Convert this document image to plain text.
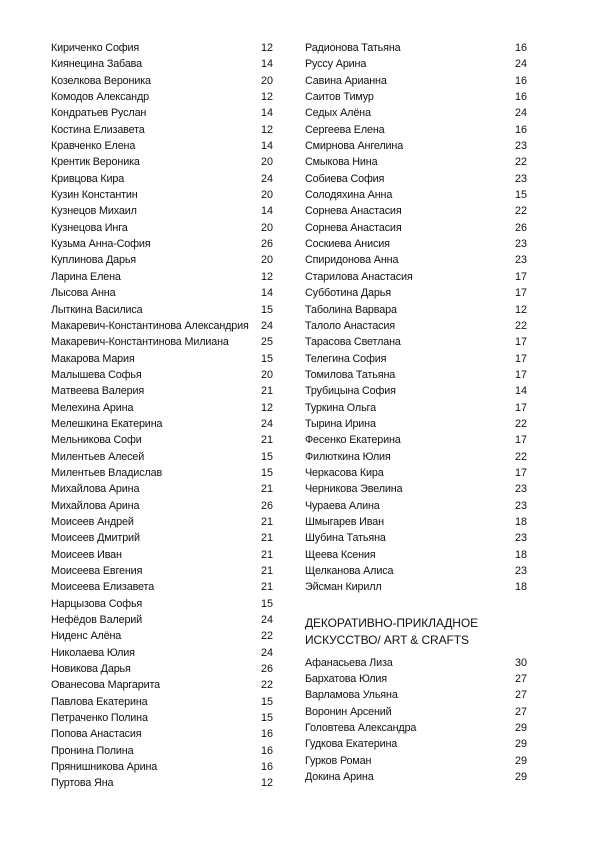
Кириченко София	12
Киянецина Забава	14
Козелкова Вероника	20
Комодов Александр	12
Кондратьев Руслан	14
Костина Елизавета	12
Кравченко Елена	14
Крентик Вероника	20
Кривцова Кира	24
Кузин Константин	20
Кузнецов Михаил	14
Кузнецова Инга	20
Кузьма Анна-София	26
Куплинова Дарья	20
Ларина Елена	12
Лысова Анна	14
Лыткина Василиса	15
Макаревич-Константинова Александрия 24
Макаревич-Константинова Милиана	25
Макарова Мария	15
Малышева Софья	20
Матвеева Валерия	21
Мелехина Арина	12
Мелешкина Екатерина	24
Мельникова Софи	21
Милентьев Алесей	15
Милентьев Владислав	15
Михайлова Арина	21
Михайлова Арина	26
Моисеев Андрей	21
Моисеев Дмитрий	21
Моисеев Иван	21
Моисеева Евгения	21
Моисеева Елизавета	21
Нарцызова Софья	15
Нефёдов Валерий	24
Ниденс Алёна	22
Николаева Юлия	24
Новикова Дарья	26
Ованесова Маргарита	22
Павлова Екатерина	15
Петраченко Полина	15
Попова Анастасия	16
Пронина Полина	16
Прянишникова Арина	16
Пуртова Яна	12
Радионова Татьяна	16
Руссу Арина	24
Савина Арианна	16
Саитов Тимур	16
Седых Алёна	24
Сергеева Елена	16
Смирнова Ангелина	23
Смыкова Нина	22
Собиева София	23
Солодяхина Анна	15
Сорнева Анастасия	22
Сорнева Анастасия	26
Соскиева Анисия	23
Спиридонова Анна	23
Старилова Анастасия	17
Субботина Дарья	17
Таболина Варвара	12
Талоло Анастасия	22
Тарасова Светлана	17
Телегина София	17
Томилова Татьяна	17
Трубицына София	14
Туркина Ольга	17
Тырина Ирина	22
Фесенко Екатерина	17
Филюткина Юлия	22
Черкасова Кира	17
Черникова Эвелина	23
Чураева Алина	23
Шмыгарев Иван	18
Шубина Татьяна	23
Щеева Ксения	18
Щелканова Алиса	23
Эйсман Кирилл	18
ДЕКОРАТИВНО-ПРИКЛАДНОЕ
ИСКУССТВО/ ART & CRAFTS
Афанасьева Лиза	30
Бархатова Юлия	27
Варламова Ульяна	27
Воронин Арсений	27
Головтева Александра	29
Гудкова Екатерина	29
Гурков Роман	29
Докина Арина	29
